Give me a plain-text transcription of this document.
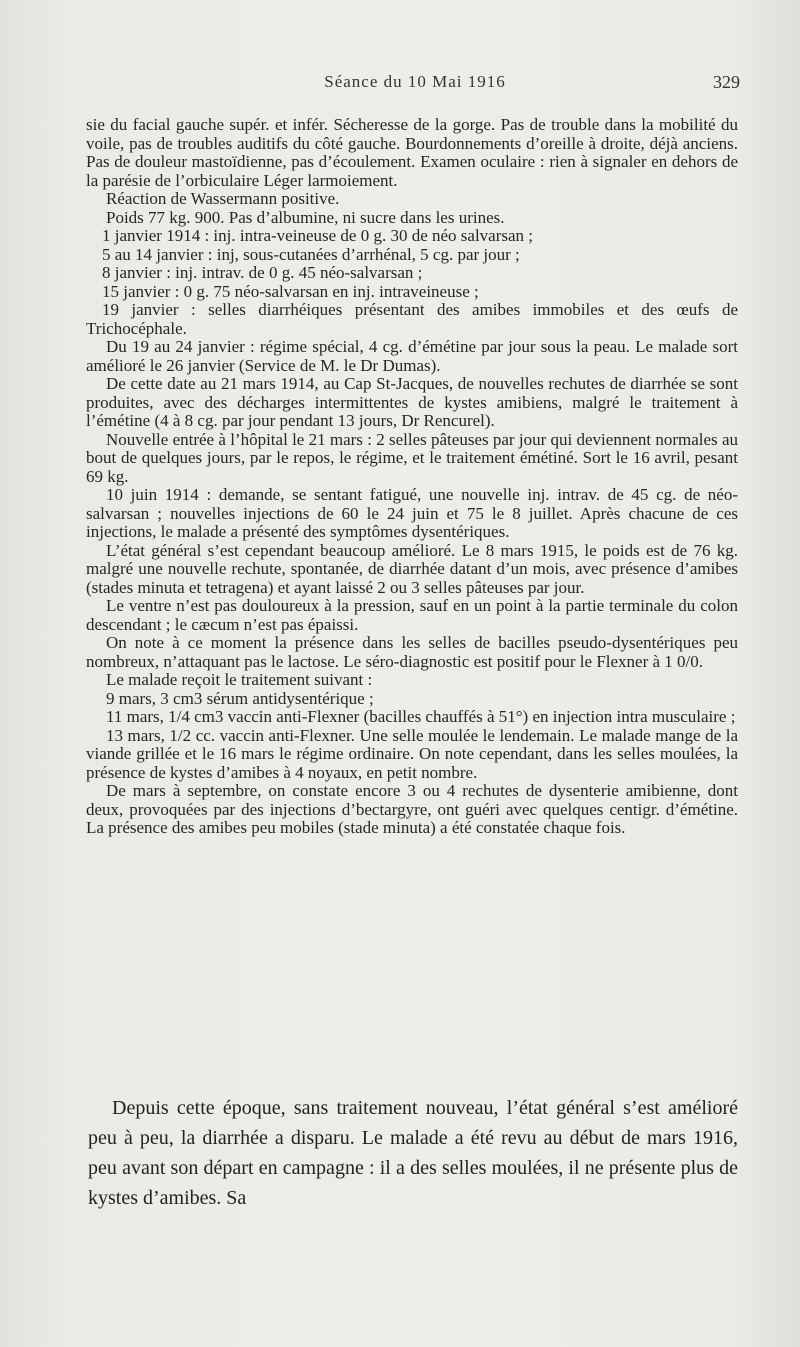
Séance du 10 Mai 1916	329

sie du facial gauche supér. et infér. Sécheresse de la gorge. Pas de trouble dans la mobilité du voile, pas de troubles auditifs du côté gauche. Bourdonnements d’oreille à droite, déjà anciens. Pas de douleur mastoïdienne, pas d’écoulement. Examen oculaire : rien à signaler en dehors de la parésie de l’orbiculaire Léger larmoiement.

Réaction de Wassermann positive.

Poids 77 kg. 900. Pas d’albumine, ni sucre dans les urines.

1 janvier 1914 : inj. intra-veineuse de 0 g. 30 de néo salvarsan ;

5 au 14 janvier : inj, sous-cutanées d’arrhénal, 5 cg. par jour ;

8 janvier : inj. intrav. de 0 g. 45 néo-salvarsan ;

15 janvier : 0 g. 75 néo-salvarsan en inj. intraveineuse ;

19 janvier : selles diarrhéiques présentant des amibes immobiles et des œufs de Trichocéphale.

Du 19 au 24 janvier : régime spécial, 4 cg. d’émétine par jour sous la peau. Le malade sort amélioré le 26 janvier (Service de M. le Dr Dumas).

De cette date au 21 mars 1914, au Cap St-Jacques, de nouvelles rechutes de diarrhée se sont produites, avec des décharges intermittentes de kystes amibiens, malgré le traitement à l’émétine (4 à 8 cg. par jour pendant 13 jours, Dr Rencurel).

Nouvelle entrée à l’hôpital le 21 mars : 2 selles pâteuses par jour qui deviennent normales au bout de quelques jours, par le repos, le régime, et le traitement émétiné. Sort le 16 avril, pesant 69 kg.

10 juin 1914 : demande, se sentant fatigué, une nouvelle inj. intrav. de 45 cg. de néo-salvarsan ; nouvelles injections de 60 le 24 juin et 75 le 8 juillet. Après chacune de ces injections, le malade a présenté des symptômes dysentériques.

L’état général s’est cependant beaucoup amélioré. Le 8 mars 1915, le poids est de 76 kg. malgré une nouvelle rechute, spontanée, de diarrhée datant d’un mois, avec présence d’amibes (stades minuta et tetragena) et ayant laissé 2 ou 3 selles pâteuses par jour.

Le ventre n’est pas douloureux à la pression, sauf en un point à la partie terminale du colon descendant ; le cæcum n’est pas épaissi.

On note à ce moment la présence dans les selles de bacilles pseudo-dysentériques peu nombreux, n’attaquant pas le lactose. Le séro-diagnostic est positif pour le Flexner à 1 0/0.

Le malade reçoit le traitement suivant :

9 mars, 3 cm3 sérum antidysentérique ;

11 mars, 1/4 cm3 vaccin anti-Flexner (bacilles chauffés à 51°) en injection intra musculaire ;

13 mars, 1/2 cc. vaccin anti-Flexner. Une selle moulée le lendemain. Le malade mange de la viande grillée et le 16 mars le régime ordinaire. On note cependant, dans les selles moulées, la présence de kystes d’amibes à 4 noyaux, en petit nombre.

De mars à septembre, on constate encore 3 ou 4 rechutes de dysenterie amibienne, dont deux, provoquées par des injections d’bectargyre, ont guéri avec quelques centigr. d’émétine. La présence des amibes peu mobiles (stade minuta) a été constatée chaque fois.

Depuis cette époque, sans traitement nouveau, l’état général s’est amélioré peu à peu, la diarrhée a disparu. Le malade a été revu au début de mars 1916, peu avant son départ en campagne : il a des selles moulées, il ne présente plus de kystes d’amibes. Sa
